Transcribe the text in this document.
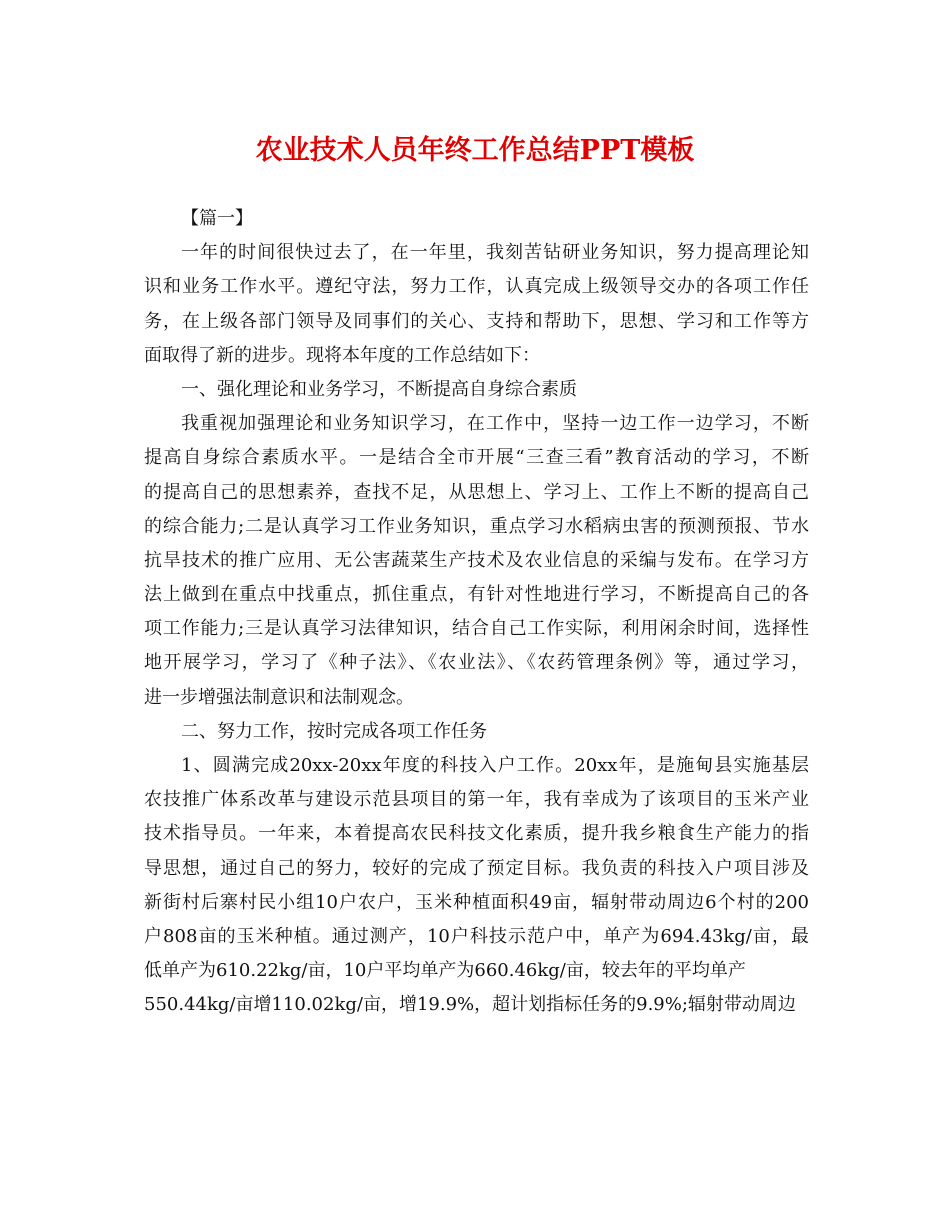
农业技术人员年终工作总结PPT模板
【篇一】
一年的时间很快过去了，在一年里，我刻苦钻研业务知识，努力提高理论知
识和业务工作水平。遵纪守法，努力工作，认真完成上级领导交办的各项工作任
务，在上级各部门领导及同事们的关心、支持和帮助下，思想、学习和工作等方
面取得了新的进步。现将本年度的工作总结如下：
一、强化理论和业务学习，不断提高自身综合素质
我重视加强理论和业务知识学习，在工作中，坚持一边工作一边学习，不断
提高自身综合素质水平。一是结合全市开展“三查三看”教育活动的学习，不断
的提高自己的思想素养，查找不足，从思想上、学习上、工作上不断的提高自己
的综合能力;二是认真学习工作业务知识，重点学习水稻病虫害的预测预报、节水
抗旱技术的推广应用、无公害蔬菜生产技术及农业信息的采编与发布。在学习方
法上做到在重点中找重点，抓住重点，有针对性地进行学习，不断提高自己的各
项工作能力;三是认真学习法律知识，结合自己工作实际，利用闲余时间，选择性
地开展学习，学习了《种子法》、《农业法》、《农药管理条例》等，通过学习，
进一步增强法制意识和法制观念。
二、努力工作，按时完成各项工作任务
1、圆满完成20xx-20xx年度的科技入户工作。20xx年，是施甸县实施基层
农技推广体系改革与建设示范县项目的第一年，我有幸成为了该项目的玉米产业
技术指导员。一年来，本着提高农民科技文化素质，提升我乡粮食生产能力的指
导思想，通过自己的努力，较好的完成了预定目标。我负责的科技入户项目涉及
新街村后寨村民小组10户农户，玉米种植面积49亩，辐射带动周边6个村的200
户808亩的玉米种植。通过测产，10户科技示范户中，单产为694.43kg/亩，最
低单产为610.22kg/亩，10户平均单产为660.46kg/亩，较去年的平均单产
550.44kg/亩增110.02kg/亩，增19.9%，超计划指标任务的9.9%;辐射带动周边
